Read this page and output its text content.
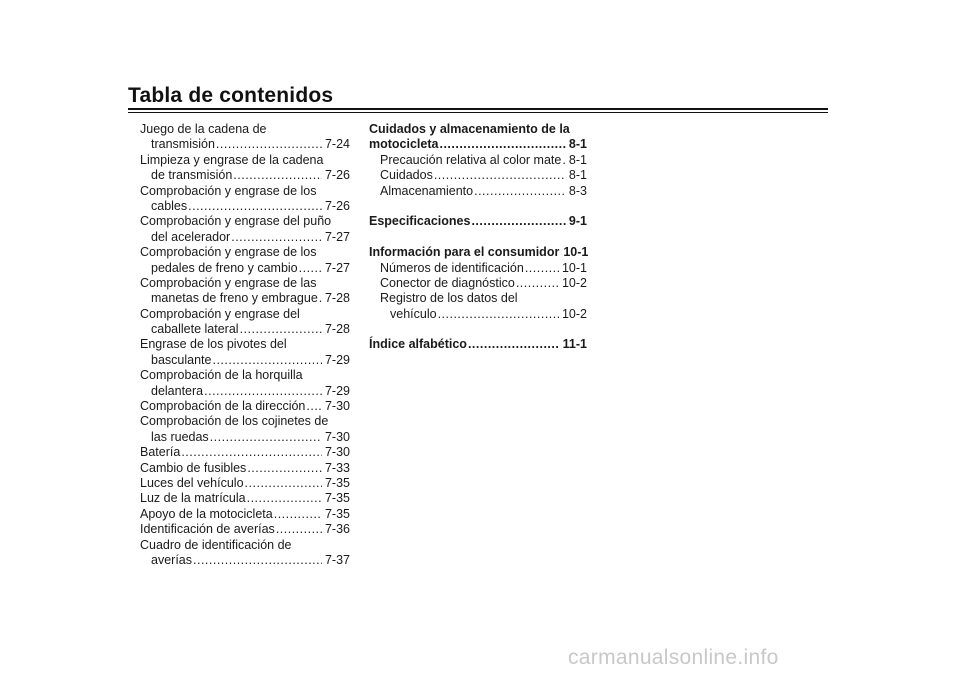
Tabla de contenidos
Juego de la cadena de
transmisión .....	7-24
Limpieza y engrase de la cadena
de transmisión .....	7-26
Comprobación y engrase de los
cables .....	7-26
Comprobación y engrase del puño
del acelerador .....	7-27
Comprobación y engrase de los
pedales de freno y cambio ..... 7-27
Comprobación y engrase de las
manetas de freno y embrague ..... 7-28
Comprobación y engrase del
caballete lateral .....	7-28
Engrase de los pivotes del
basculante .....	7-29
Comprobación de la horquilla
delantera .....	7-29
Comprobación de la dirección ..... 7-30
Comprobación de los cojinetes de
las ruedas .....	7-30
Batería .....	7-30
Cambio de fusibles .....	7-33
Luces del vehículo .....	7-35
Luz de la matrícula .....	7-35
Apoyo de la motocicleta .....	7-35
Identificación de averías .....	7-36
Cuadro de identificación de
averías .....	7-37
Cuidados y almacenamiento de la
motocicleta .....	8-1
Precaución relativa al color mate ..... 8-1
Cuidados .....	8-1
Almacenamiento .....	8-3
Especificaciones .....	9-1
Información para el consumidor 10-1
Números de identificación .....	10-1
Conector de diagnóstico .....	10-2
Registro de los datos del
vehículo .....	10-2
Índice alfabético .....	11-1
carmanualsonline.info
